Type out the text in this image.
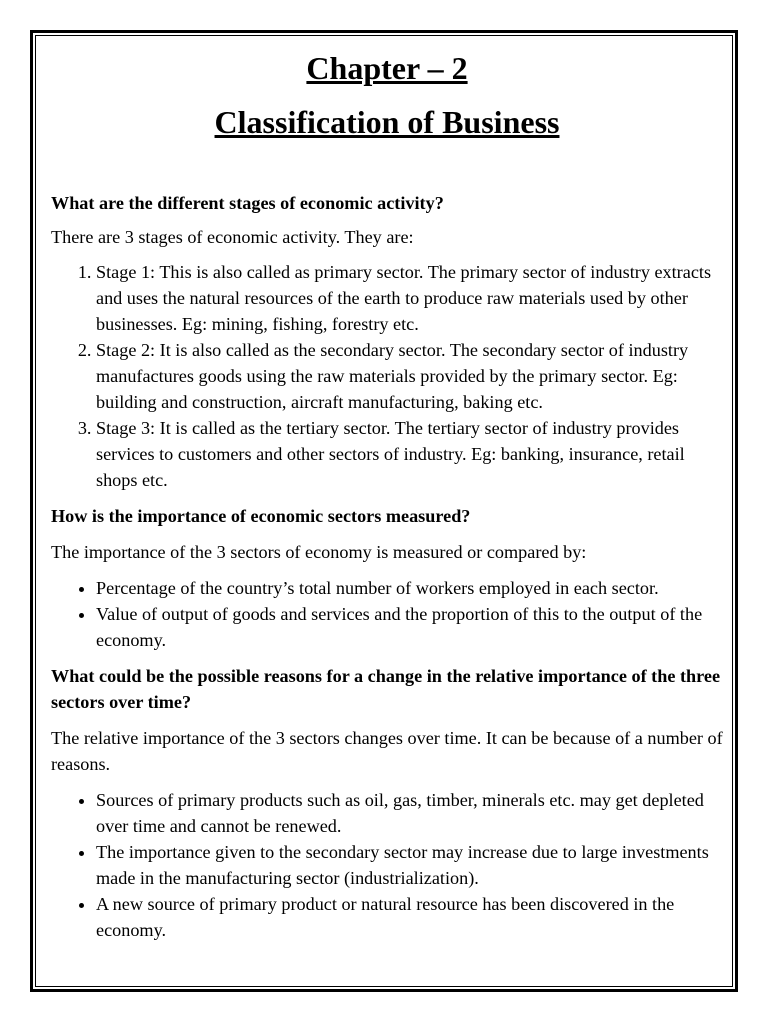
Chapter – 2
Classification of Business

What are the different stages of economic activity?

There are 3 stages of economic activity. They are:

1. Stage 1: This is also called as primary sector. The primary sector of industry extracts and uses the natural resources of the earth to produce raw materials used by other businesses. Eg: mining, fishing, forestry etc.
2. Stage 2: It is also called as the secondary sector. The secondary sector of industry manufactures goods using the raw materials provided by the primary sector. Eg: building and construction, aircraft manufacturing, baking etc.
3. Stage 3: It is called as the tertiary sector. The tertiary sector of industry provides services to customers and other sectors of industry. Eg: banking, insurance, retail shops etc.

How is the importance of economic sectors measured?

The importance of the 3 sectors of economy is measured or compared by:

• Percentage of the country’s total number of workers employed in each sector.
• Value of output of goods and services and the proportion of this to the output of the economy.

What could be the possible reasons for a change in the relative importance of the three sectors over time?

The relative importance of the 3 sectors changes over time. It can be because of a number of reasons.

• Sources of primary products such as oil, gas, timber, minerals etc. may get depleted over time and cannot be renewed.
• The importance given to the secondary sector may increase due to large investments made in the manufacturing sector (industrialization).
• A new source of primary product or natural resource has been discovered in the economy.
